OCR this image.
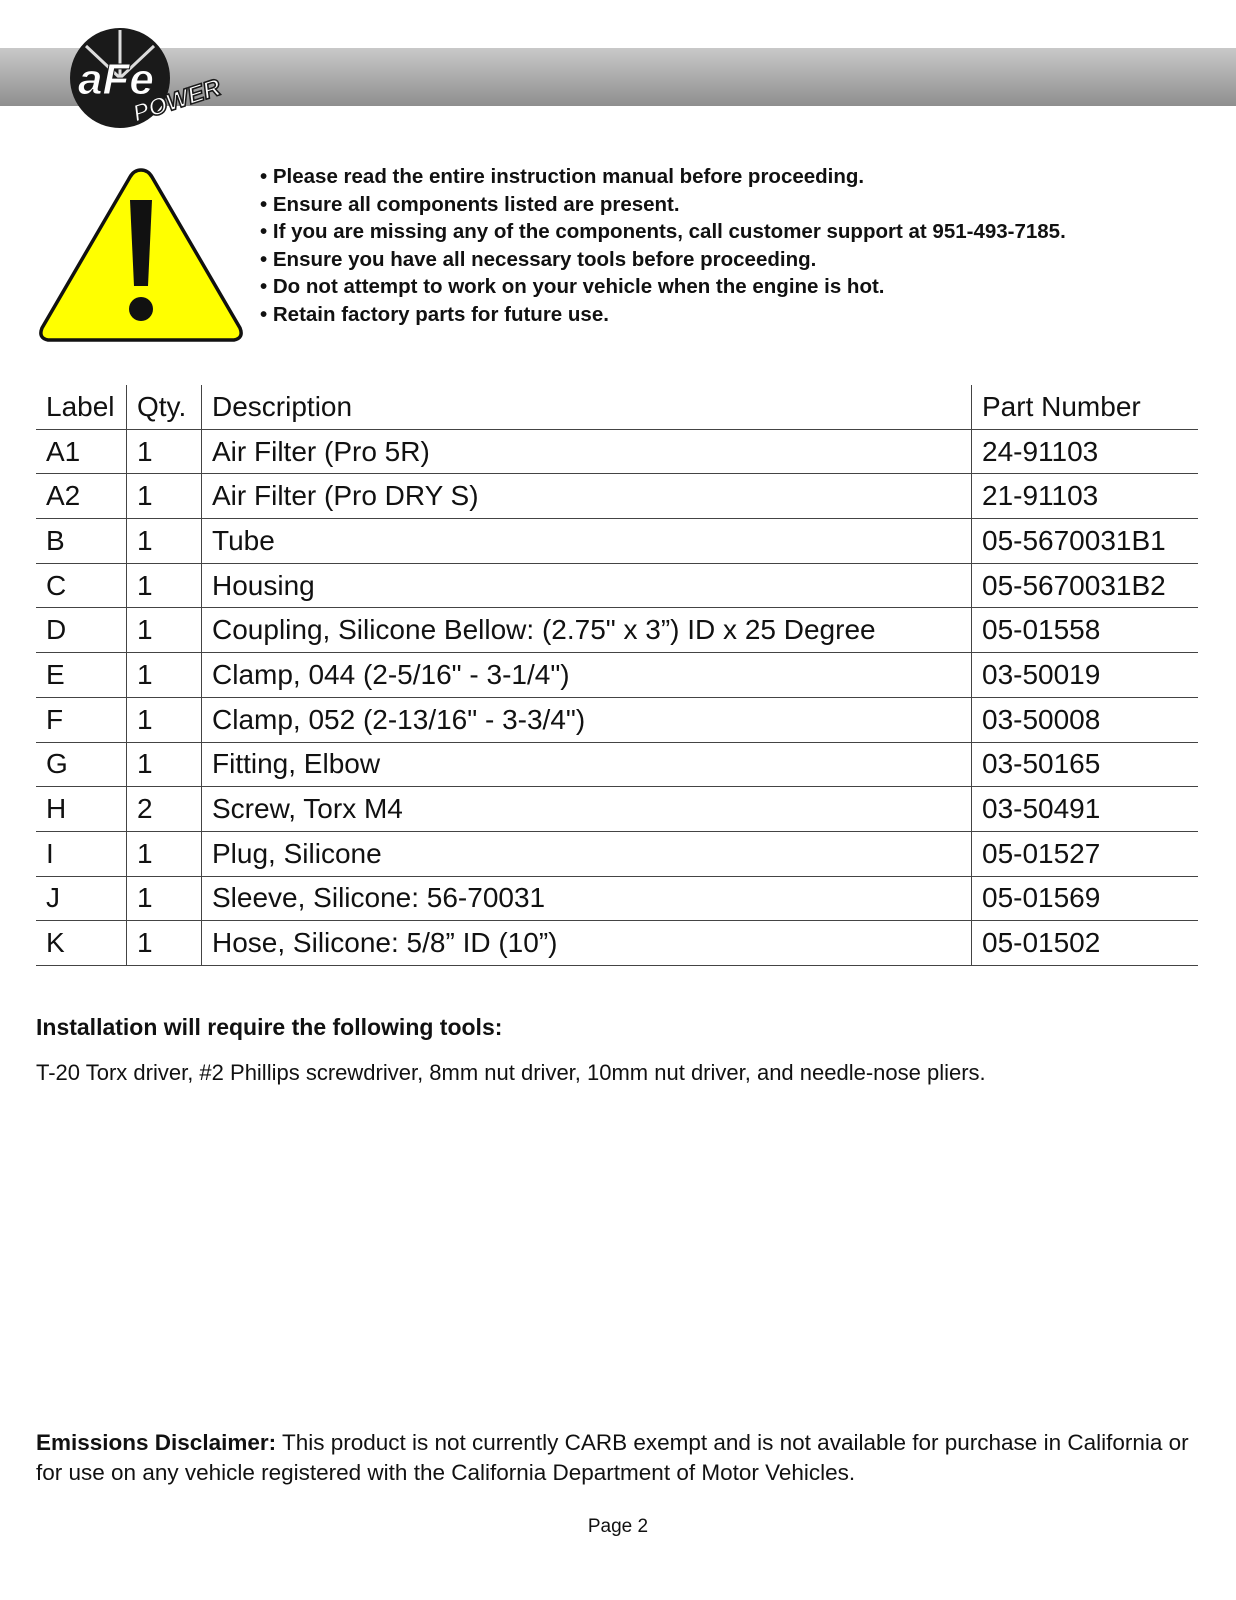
aFe
POWER
• Please read the entire instruction manual before proceeding.
• Ensure all components listed are present.
• If you are missing any of the components, call customer support at 951-493-7185.
• Ensure you have all necessary tools before proceeding.
• Do not attempt to work on your vehicle when the engine is hot.
• Retain factory parts for future use.
Label	Qty.	Description	Part Number
A1	1	Air Filter (Pro 5R)	24-91103
A2	1	Air Filter (Pro DRY S)	21-91103
B	1	Tube	05-5670031B1
C	1	Housing	05-5670031B2
D	1	Coupling, Silicone Bellow: (2.75" x 3”) ID x 25 Degree	05-01558
E	1	Clamp, 044 (2-5/16" - 3-1/4")	03-50019
F	1	Clamp, 052 (2-13/16" - 3-3/4")	03-50008
G	1	Fitting, Elbow	03-50165
H	2	Screw, Torx M4	03-50491
I	1	Plug, Silicone	05-01527
J	1	Sleeve, Silicone: 56-70031	05-01569
K	1	Hose, Silicone: 5/8” ID (10”)	05-01502
Installation will require the following tools:
T-20 Torx driver, #2 Phillips screwdriver, 8mm nut driver, 10mm nut driver, and needle-nose pliers.
Emissions Disclaimer: This product is not currently CARB exempt and is not available for purchase in California or for use on any vehicle registered with the California Department of Motor Vehicles.
Page 2
